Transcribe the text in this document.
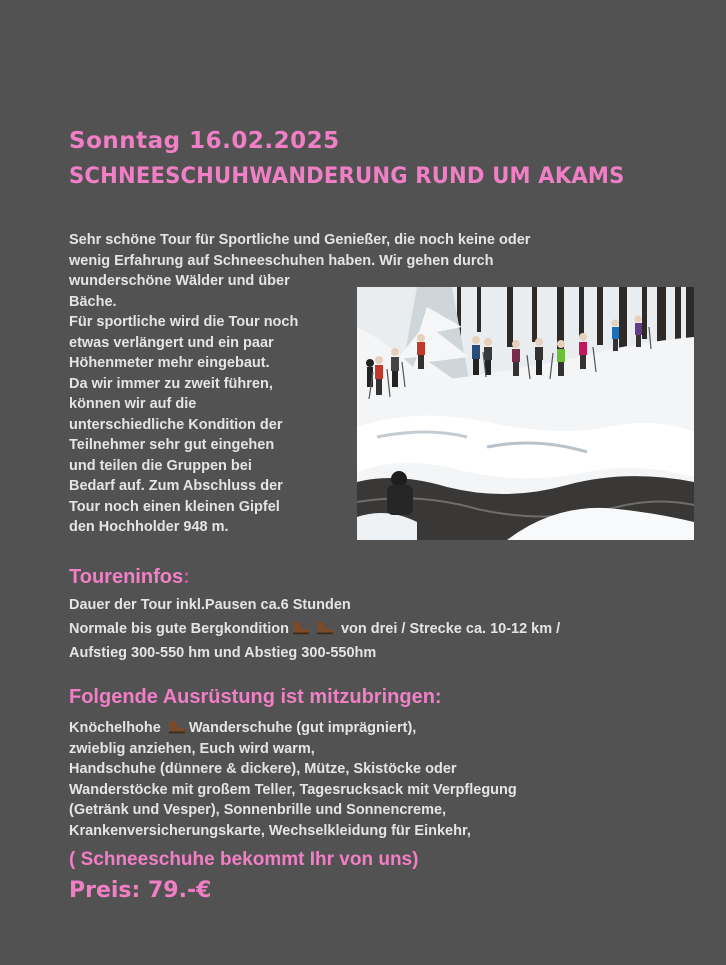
Sonntag 16.02.2025
SCHNEESCHUHWANDERUNG RUND UM AKAMS
Sehr schöne Tour für Sportliche und Genießer, die noch keine oder
wenig Erfahrung auf Schneeschuhen haben. Wir gehen durch
wunderschöne Wälder und über
Bäche.
Für sportliche wird die Tour noch
etwas verlängert und ein paar
Höhenmeter mehr eingebaut.
Da wir immer zu zweit führen,
können wir auf die
unterschiedliche Kondition der
Teilnehmer sehr gut eingehen
und teilen die Gruppen bei
Bedarf auf. Zum Abschluss der
Tour noch einen kleinen Gipfel
den Hochholder 948 m.
Toureninfos:
Dauer der Tour inkl.Pausen ca.6 Stunden
Normale bis gute Bergkondition	von drei / Strecke ca. 10-12 km /
Aufstieg 300-550 hm und Abstieg 300-550hm
Folgende Ausrüstung ist mitzubringen:
Knöchelhohe Wanderschuhe (gut imprägniert),
zwieblig anziehen, Euch wird warm,
Handschuhe (dünnere & dickere), Mütze, Skistöcke oder
Wanderstöcke mit großem Teller, Tagesrucksack mit Verpflegung
(Getränk und Vesper), Sonnenbrille und Sonnencreme,
Krankenversicherungskarte, Wechselkleidung für Einkehr,
( Schneeschuhe bekommt Ihr von uns)
Preis: 79.-€
